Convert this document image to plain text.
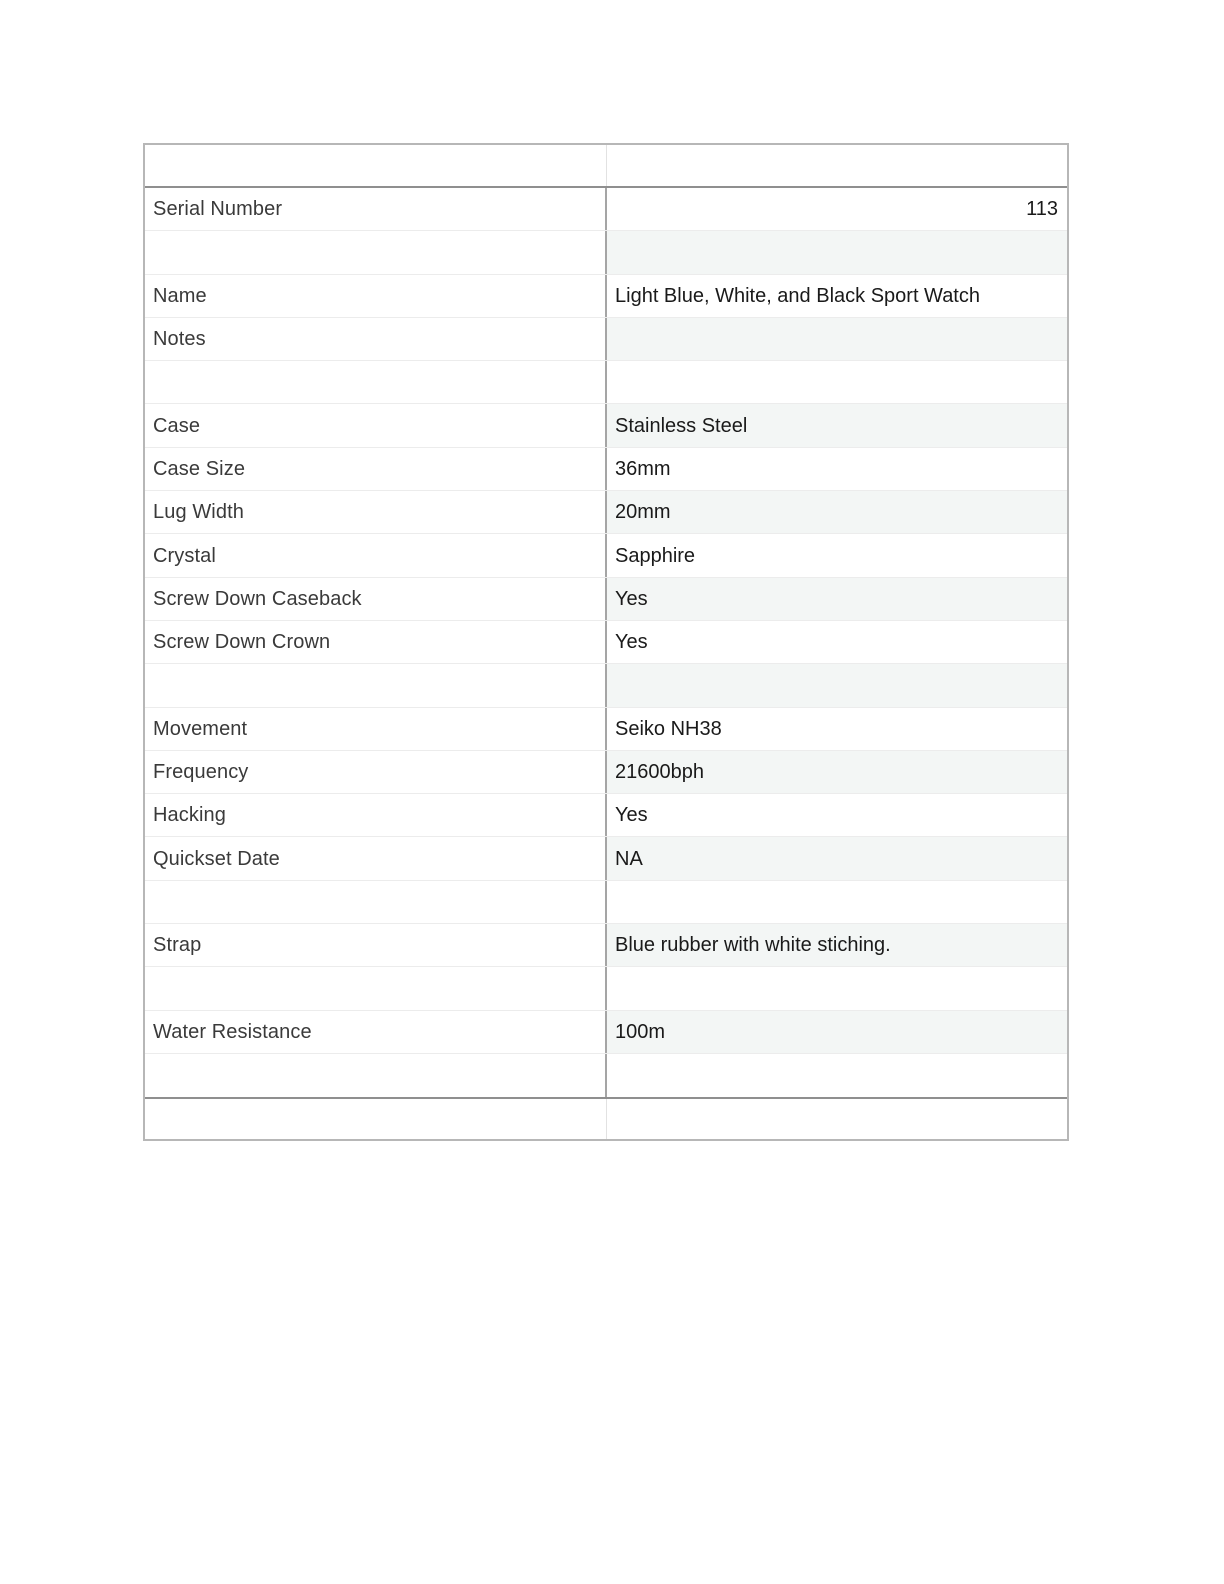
Serial Number	113
Name	Light Blue, White, and Black Sport Watch
Notes
Case	Stainless Steel
Case Size	36mm
Lug Width	20mm
Crystal	Sapphire
Screw Down Caseback	Yes
Screw Down Crown	Yes
Movement	Seiko NH38
Frequency	21600bph
Hacking	Yes
Quickset Date	NA
Strap	Blue rubber with white stiching.
Water Resistance	100m
